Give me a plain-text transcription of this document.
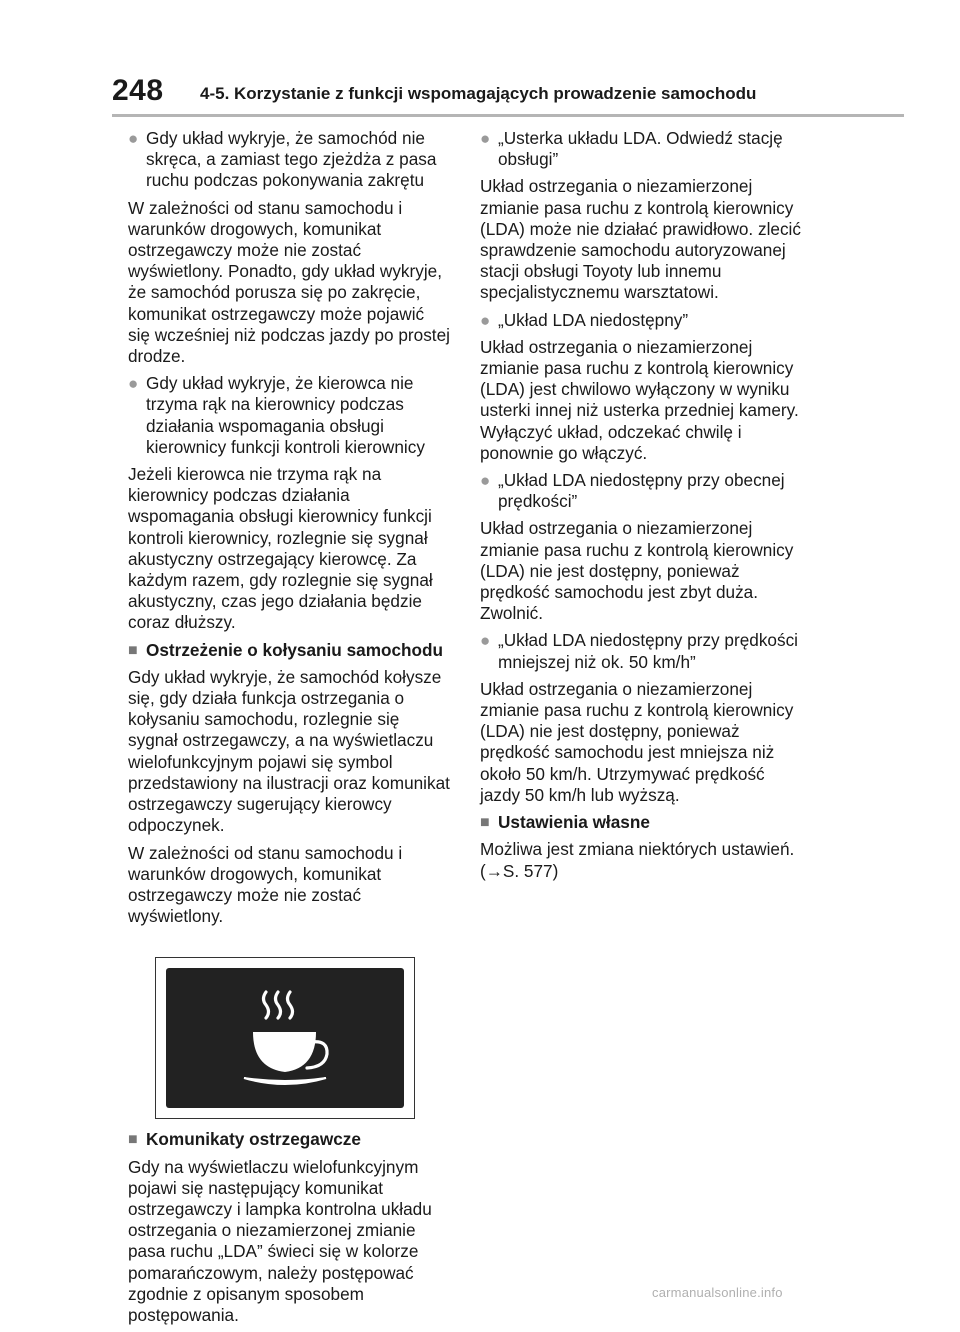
248 4-5. Korzystanie z funkcji wspomagających prowadzenie samochodu
● Gdy układ wykryje, że samochód nie skręca, a zamiast tego zjeżdża z pasa ruchu podczas pokonywania zakrętu

W zależności od stanu samochodu i warunków drogowych, komunikat ostrzegawczy może nie zostać wyświetlony. Ponadto, gdy układ wykryje, że samochód porusza się po zakręcie, komunikat ostrzegawczy może pojawić się wcześniej niż podczas jazdy po prostej drodze.

● Gdy układ wykryje, że kierowca nie trzyma rąk na kierownicy podczas działania wspomagania obsługi kierownicy funkcji kontroli kierownicy

Jeżeli kierowca nie trzyma rąk na kierownicy podczas działania wspomagania obsługi kierownicy funkcji kontroli kierownicy, rozlegnie się sygnał akustyczny ostrzegający kierowcę. Za każdym razem, gdy rozlegnie się sygnał akustyczny, czas jego działania będzie coraz dłuższy.

■ Ostrzeżenie o kołysaniu samochodu

Gdy układ wykryje, że samochód kołysze się, gdy działa funkcja ostrzegania o kołysaniu samochodu, rozlegnie się sygnał ostrzegawczy, a na wyświetlaczu wielofunkcyjnym pojawi się symbol przedstawiony na ilustracji oraz komunikat ostrzegawczy sugerujący kierowcy odpoczynek.

W zależności od stanu samochodu i warunków drogowych, komunikat ostrzegawczy może nie zostać wyświetlony.

■ Komunikaty ostrzegawcze

Gdy na wyświetlaczu wielofunkcyjnym pojawi się następujący komunikat ostrzegawczy i lampka kontrolna układu ostrzegania o niezamierzonej zmianie pasa ruchu „LDA” świeci się w kolorze pomarańczowym, należy postępować zgodnie z opisanym sposobem postępowania.

● „Usterka układu LDA. Odwiedź stację obsługi”

Układ ostrzegania o niezamierzonej zmianie pasa ruchu z kontrolą kierownicy (LDA) może nie działać prawidłowo. zlecić sprawdzenie samochodu autoryzowanej stacji obsługi Toyoty lub innemu specjalistycznemu warsztatowi.

● „Układ LDA niedostępny”

Układ ostrzegania o niezamierzonej zmianie pasa ruchu z kontrolą kierownicy (LDA) jest chwilowo wyłączony w wyniku usterki innej niż usterka przedniej kamery. Wyłączyć układ, odczekać chwilę i ponownie go włączyć.

● „Układ LDA niedostępny przy obecnej prędkości”

Układ ostrzegania o niezamierzonej zmianie pasa ruchu z kontrolą kierownicy (LDA) nie jest dostępny, ponieważ prędkość samochodu jest zbyt duża. Zwolnić.

● „Układ LDA niedostępny przy prędkości mniejszej niż ok. 50 km/h”

Układ ostrzegania o niezamierzonej zmianie pasa ruchu z kontrolą kierownicy (LDA) nie jest dostępny, ponieważ prędkość samochodu jest mniejsza niż około 50 km/h. Utrzymywać prędkość jazdy 50 km/h lub wyższą.

■ Ustawienia własne

Możliwa jest zmiana niektórych ustawień. (→S. 577)

carmanualsonline.info
